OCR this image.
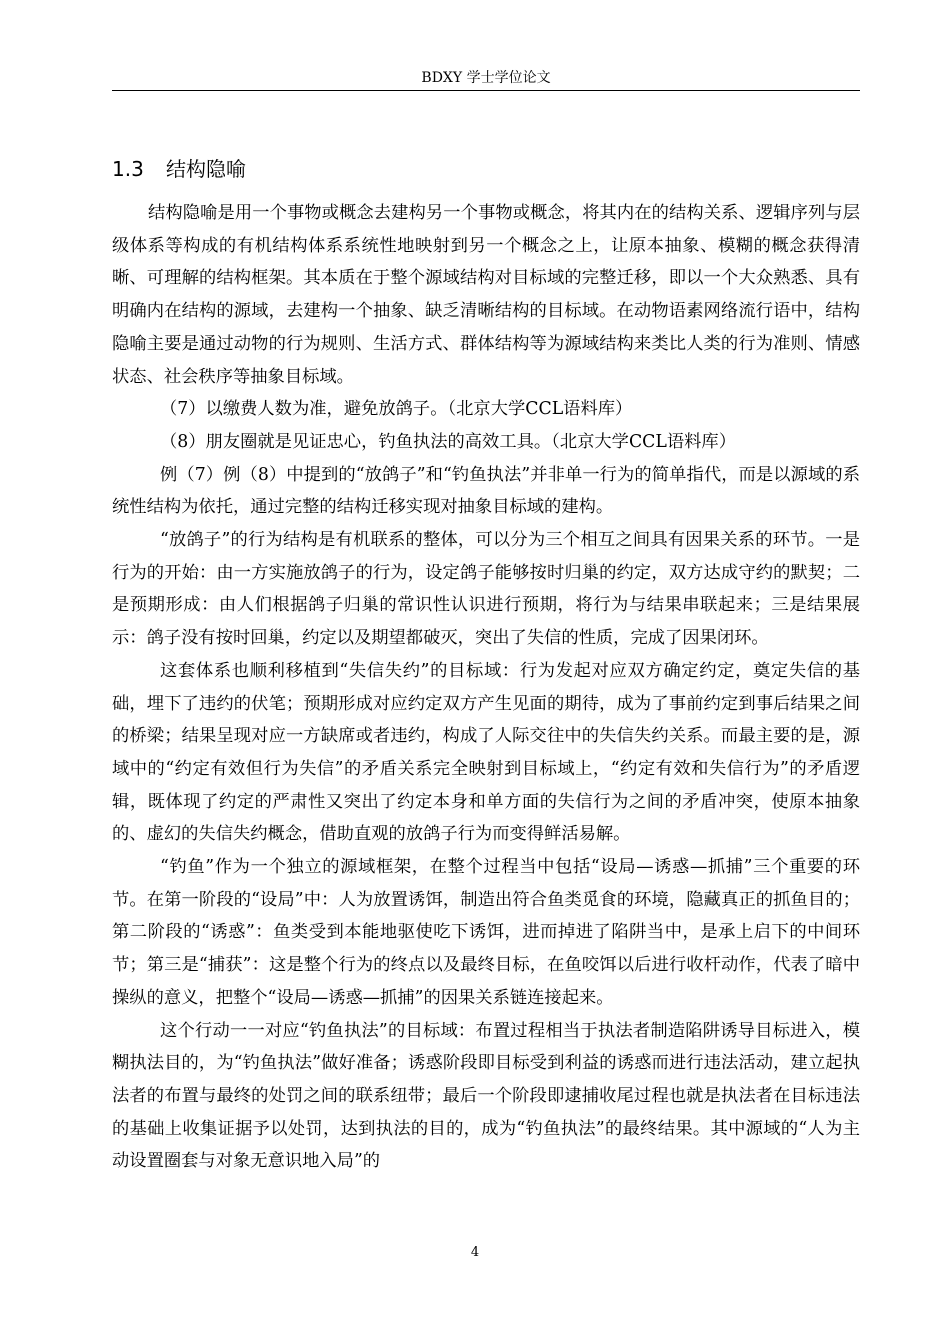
BDXY 学士学位论文
1.3 结构隐喻

结构隐喻是用一个事物或概念去建构另一个事物或概念，将其内在的结构关系、逻辑序列与层级体系等构成的有机结构体系系统性地映射到另一个概念之上，让原本抽象、模糊的概念获得清晰、可理解的结构框架。其本质在于整个源域结构对目标域的完整迁移，即以一个大众熟悉、具有明确内在结构的源域，去建构一个抽象、缺乏清晰结构的目标域。在动物语素网络流行语中，结构隐喻主要是通过动物的行为规则、生活方式、群体结构等为源域结构来类比人类的行为准则、情感状态、社会秩序等抽象目标域。

（7）以缴费人数为准，避免放鸽子。（北京大学CCL语料库）

（8）朋友圈就是见证忠心，钓鱼执法的高效工具。（北京大学CCL语料库）

例（7）例（8）中提到的“放鸽子”和“钓鱼执法”并非单一行为的简单指代，而是以源域的系统性结构为依托，通过完整的结构迁移实现对抽象目标域的建构。

“放鸽子”的行为结构是有机联系的整体，可以分为三个相互之间具有因果关系的环节。一是行为的开始：由一方实施放鸽子的行为，设定鸽子能够按时归巢的约定，双方达成守约的默契；二是预期形成：由人们根据鸽子归巢的常识性认识进行预期，将行为与结果串联起来；三是结果展示：鸽子没有按时回巢，约定以及期望都破灭，突出了失信的性质，完成了因果闭环。

这套体系也顺利移植到“失信失约”的目标域：行为发起对应双方确定约定，奠定失信的基础，埋下了违约的伏笔；预期形成对应约定双方产生见面的期待，成为了事前约定到事后结果之间的桥梁；结果呈现对应一方缺席或者违约，构成了人际交往中的失信失约关系。而最主要的是，源域中的“约定有效但行为失信”的矛盾关系完全映射到目标域上，“约定有效和失信行为”的矛盾逻辑，既体现了约定的严肃性又突出了约定本身和单方面的失信行为之间的矛盾冲突，使原本抽象的、虚幻的失信失约概念，借助直观的放鸽子行为而变得鲜活易解。

“钓鱼”作为一个独立的源域框架，在整个过程当中包括“设局—诱惑—抓捕”三个重要的环节。在第一阶段的“设局”中：人为放置诱饵，制造出符合鱼类觅食的环境，隐藏真正的抓鱼目的；第二阶段的“诱惑”：鱼类受到本能地驱使吃下诱饵，进而掉进了陷阱当中，是承上启下的中间环节；第三是“捕获”：这是整个行为的终点以及最终目标，在鱼咬饵以后进行收杆动作，代表了暗中操纵的意义，把整个“设局—诱惑—抓捕”的因果关系链连接起来。

这个行动一一对应“钓鱼执法”的目标域：布置过程相当于执法者制造陷阱诱导目标进入，模糊执法目的，为“钓鱼执法”做好准备；诱惑阶段即目标受到利益的诱惑而进行违法活动，建立起执法者的布置与最终的处罚之间的联系纽带；最后一个阶段即逮捕收尾过程也就是执法者在目标违法的基础上收集证据予以处罚，达到执法的目的，成为“钓鱼执法”的最终结果。其中源域的“人为主动设置圈套与对象无意识地入局”的

4
